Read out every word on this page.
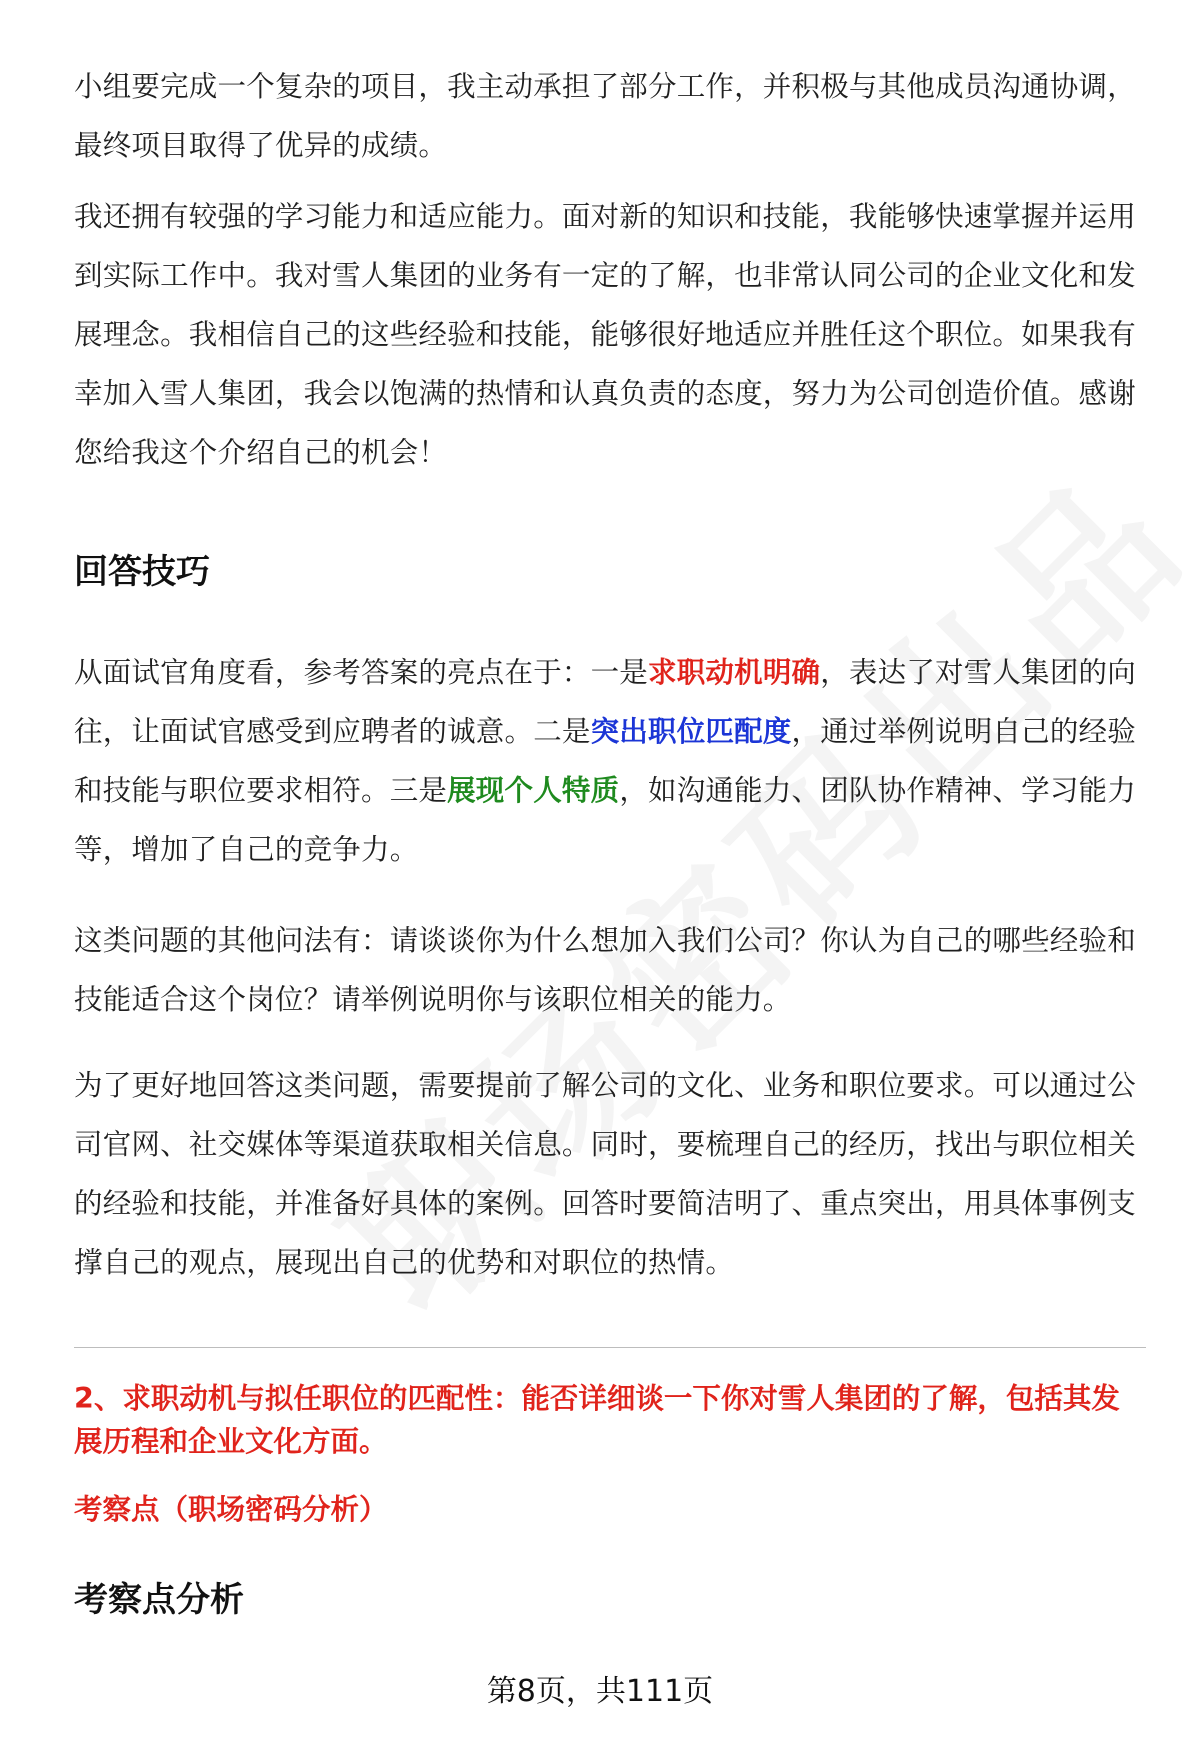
小组要完成一个复杂的项目，我主动承担了部分工作，并积极与其他成员沟通协调，最终项目取得了优异的成绩。

我还拥有较强的学习能力和适应能力。面对新的知识和技能，我能够快速掌握并运用到实际工作中。我对雪人集团的业务有一定的了解，也非常认同公司的企业文化和发展理念。我相信自己的这些经验和技能，能够很好地适应并胜任这个职位。如果我有幸加入雪人集团，我会以饱满的热情和认真负责的态度，努力为公司创造价值。感谢您给我这个介绍自己的机会！

回答技巧

从面试官角度看，参考答案的亮点在于：一是求职动机明确，表达了对雪人集团的向往，让面试官感受到应聘者的诚意。二是突出职位匹配度，通过举例说明自己的经验和技能与职位要求相符。三是展现个人特质，如沟通能力、团队协作精神、学习能力等，增加了自己的竞争力。

这类问题的其他问法有：请谈谈你为什么想加入我们公司？你认为自己的哪些经验和技能适合这个岗位？请举例说明你与该职位相关的能力。

为了更好地回答这类问题，需要提前了解公司的文化、业务和职位要求。可以通过公司官网、社交媒体等渠道获取相关信息。同时，要梳理自己的经历，找出与职位相关的经验和技能，并准备好具体的案例。回答时要简洁明了、重点突出，用具体事例支撑自己的观点，展现出自己的优势和对职位的热情。

2、求职动机与拟任职位的匹配性：能否详细谈一下你对雪人集团的了解，包括其发展历程和企业文化方面。

考察点（职场密码分析）

考察点分析
第8页，共111页
